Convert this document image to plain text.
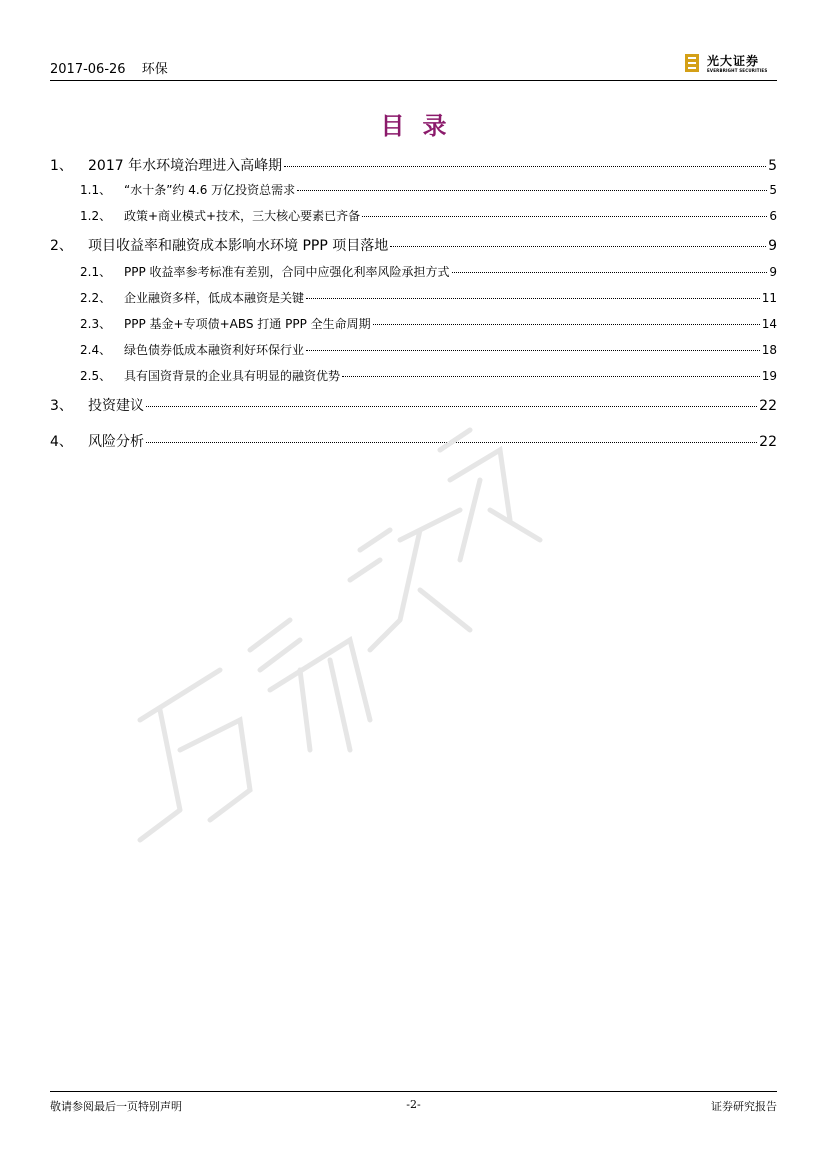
2017-06-26 环保
光大证券
EVERBRIGHT SECURITIES
目录
1、	2017 年水环境治理进入高峰期	5
1.1、	“水十条”约 4.6 万亿投资总需求	5
1.2、	政策+商业模式+技术，三大核心要素已齐备	6
2、	项目收益率和融资成本影响水环境 PPP 项目落地	9
2.1、	PPP 收益率参考标准有差别，合同中应强化利率风险承担方式	9
2.2、	企业融资多样，低成本融资是关键	11
2.3、	PPP 基金+专项债+ABS 打通 PPP 全生命周期	14
2.4、	绿色债券低成本融资利好环保行业	18
2.5、	具有国资背景的企业具有明显的融资优势	19
3、	投资建议	22
4、	风险分析	22
敬请参阅最后一页特别声明	-2-	证券研究报告
